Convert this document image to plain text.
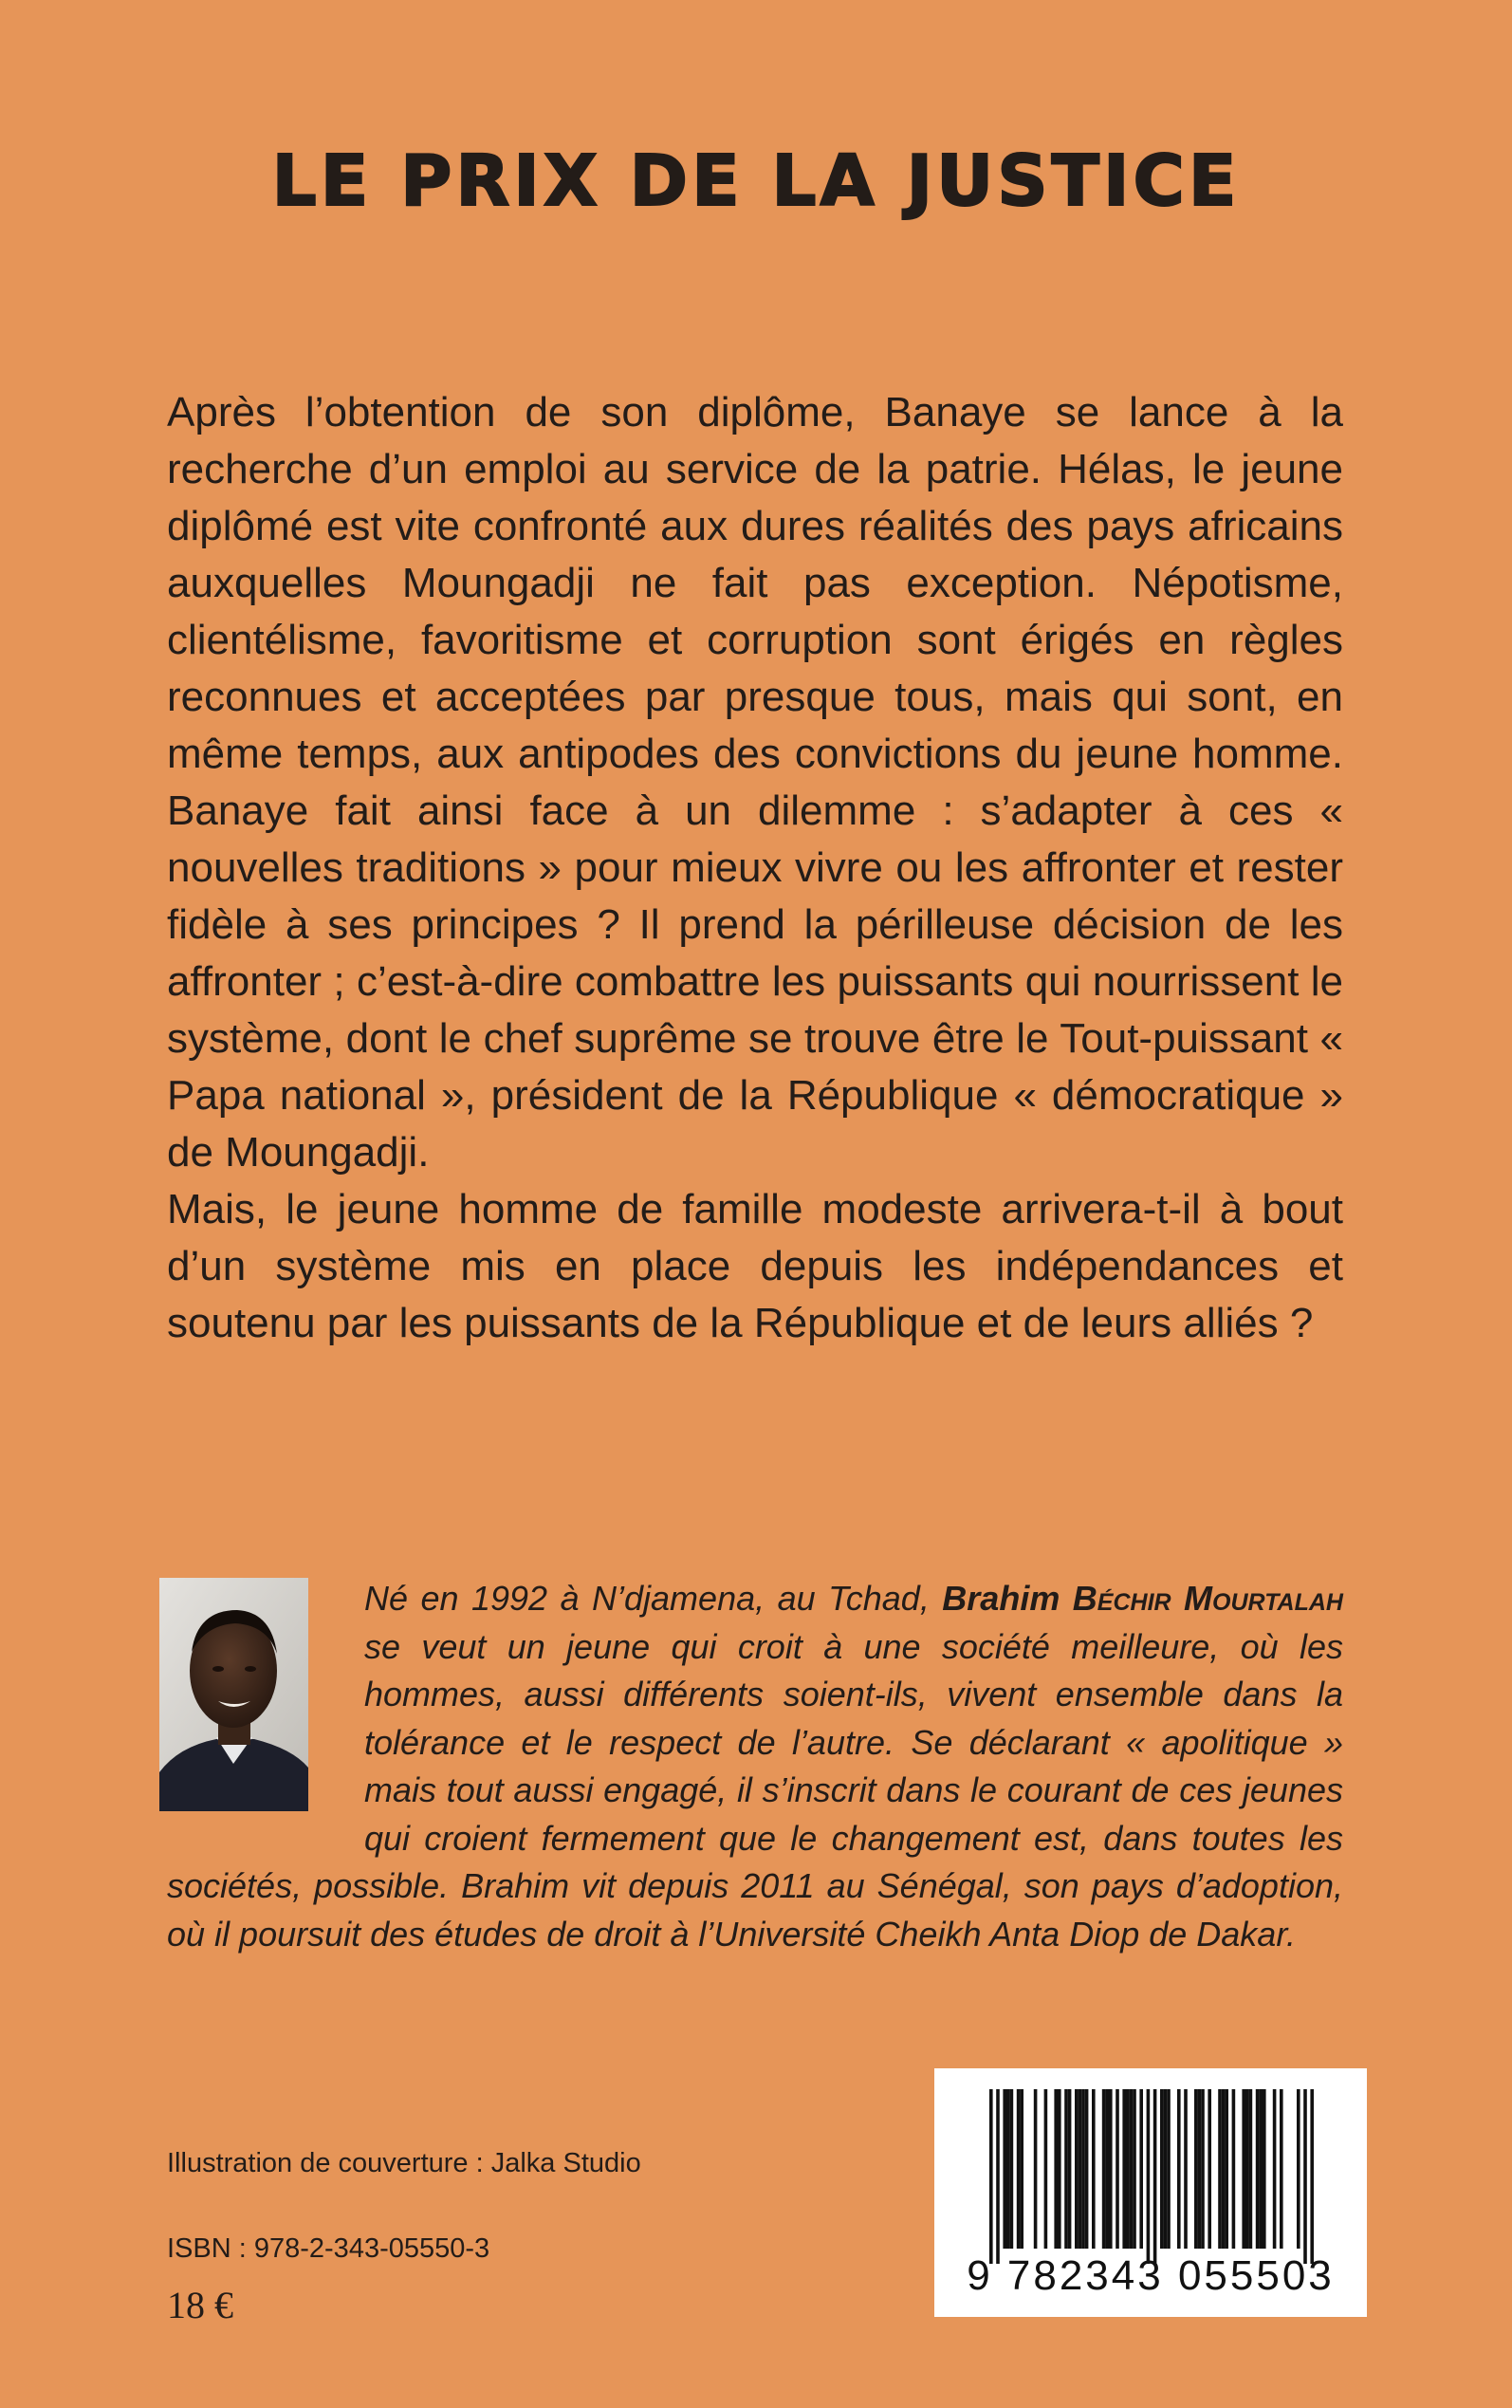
LE PRIX DE LA JUSTICE

Après l’obtention de son diplôme, Banaye se lance à la recherche d’un emploi au service de la patrie. Hélas, le jeune diplômé est vite confronté aux dures réalités des pays africains auxquelles Moungadji ne fait pas exception. Népotisme, clientélisme, favoritisme et corruption sont érigés en règles reconnues et acceptées par presque tous, mais qui sont, en même temps, aux antipodes des convictions du jeune homme. Banaye fait ainsi face à un dilemme : s’adapter à ces « nouvelles traditions » pour mieux vivre ou les affronter et rester fidèle à ses principes ? Il prend la périlleuse décision de les affronter ; c’est-à-dire combattre les puissants qui nourrissent le système, dont le chef suprême se trouve être le Tout-puissant « Papa national », président de la République « démocratique » de Moungadji.

Mais, le jeune homme de famille modeste arrivera-t-il à bout d’un système mis en place depuis les indépendances et soutenu par les puissants de la République et de leurs alliés ?

Né en 1992 à N’djamena, au Tchad, Brahim Béchir Mourtalah se veut un jeune qui croit à une société meilleure, où les hommes, aussi différents soient-ils, vivent ensemble dans la tolérance et le respect de l’autre. Se déclarant « apolitique » mais tout aussi engagé, il s’inscrit dans le courant de ces jeunes qui croient fermement que le changement est, dans toutes les sociétés, possible. Brahim vit depuis 2011 au Sénégal, son pays d’adoption, où il poursuit des études de droit à l’Université Cheikh Anta Diop de Dakar.
Illustration de couverture : Jalka Studio
ISBN : 978-2-343-05550-3
18 €
9 782343 055503
